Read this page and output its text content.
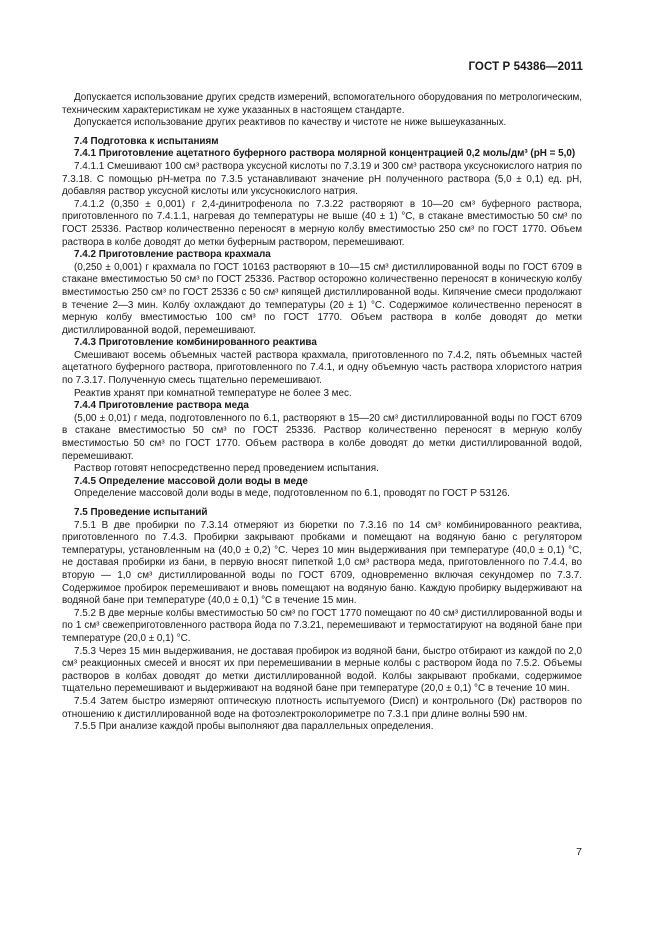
ГОСТ Р 54386—2011

Допускается использование других средств измерений, вспомогательного оборудования по метрологическим, техническим характеристикам не хуже указанных в настоящем стандарте.

Допускается использование других реактивов по качеству и чистоте не ниже вышеуказанных.

7.4 Подготовка к испытаниям

7.4.1 Приготовление ацетатного буферного раствора молярной концентрацией 0,2 моль/дм³ (pH = 5,0)

7.4.1.1 Смешивают 100 см³ раствора уксусной кислоты по 7.3.19 и 300 см³ раствора уксуснокислого натрия по 7.3.18. С помощью pH-метра по 7.3.5 устанавливают значение pH полученного раствора (5,0 ± 0,1) ед. pH, добавляя раствор уксусной кислоты или уксуснокислого натрия.

7.4.1.2 (0,350 ± 0,001) г 2,4-динитрофенола по 7.3.22 растворяют в 10—20 см³ буферного раствора, приготовленного по 7.4.1.1, нагревая до температуры не выше (40 ± 1) °С, в стакане вместимостью 50 см³ по ГОСТ 25336. Раствор количественно переносят в мерную колбу вместимостью 250 см³ по ГОСТ 1770. Объем раствора в колбе доводят до метки буферным раствором, перемешивают.

7.4.2 Приготовление раствора крахмала

(0,250 ± 0,001) г крахмала по ГОСТ 10163 растворяют в 10—15 см³ дистиллированной воды по ГОСТ 6709 в стакане вместимостью 50 см³ по ГОСТ 25336. Раствор осторожно количественно переносят в коническую колбу вместимостью 250 см³ по ГОСТ 25336 с 50 см³ кипящей дистиллированной воды. Кипячение смеси продолжают в течение 2—3 мин. Колбу охлаждают до температуры (20 ± 1) °С. Содержимое количественно переносят в мерную колбу вместимостью 100 см³ по ГОСТ 1770. Объем раствора в колбе доводят до метки дистиллированной водой, перемешивают.

7.4.3 Приготовление комбинированного реактива

Смешивают восемь объемных частей раствора крахмала, приготовленного по 7.4.2, пять объемных частей ацетатного буферного раствора, приготовленного по 7.4.1, и одну объемную часть раствора хлористого натрия по 7.3.17. Полученную смесь тщательно перемешивают.

Реактив хранят при комнатной температуре не более 3 мес.

7.4.4 Приготовление раствора меда

(5,00 ± 0,01) г меда, подготовленного по 6.1, растворяют в 15—20 см³ дистиллированной воды по ГОСТ 6709 в стакане вместимостью 50 см³ по ГОСТ 25336. Раствор количественно переносят в мерную колбу вместимостью 50 см³ по ГОСТ 1770. Объем раствора в колбе доводят до метки дистиллированной водой, перемешивают.

Раствор готовят непосредственно перед проведением испытания.

7.4.5 Определение массовой доли воды в меде

Определение массовой доли воды в меде, подготовленном по 6.1, проводят по ГОСТ Р 53126.

7.5 Проведение испытаний

7.5.1 В две пробирки по 7.3.14 отмеряют из бюретки по 7.3.16 по 14 см³ комбинированного реактива, приготовленного по 7.4.3. Пробирки закрывают пробками и помещают на водяную баню с регулятором температуры, установленным на (40,0 ± 0,2) °С. Через 10 мин выдерживания при температуре (40,0 ± 0,1) °С, не доставая пробирки из бани, в первую вносят пипеткой 1,0 см³ раствора меда, приготовленного по 7.4.4, во вторую — 1,0 см³ дистиллированной воды по ГОСТ 6709, одновременно включая секундомер по 7.3.7. Содержимое пробирок перемешивают и вновь помещают на водяную баню. Каждую пробирку выдерживают на водяной бане при температуре (40,0 ± 0,1) °С в течение 15 мин.

7.5.2 В две мерные колбы вместимостью 50 см³ по ГОСТ 1770 помещают по 40 см³ дистиллированной воды и по 1 см³ свежеприготовленного раствора йода по 7.3.21, перемешивают и термостатируют на водяной бане при температуре (20,0 ± 0,1) °С.

7.5.3 Через 15 мин выдерживания, не доставая пробирок из водяной бани, быстро отбирают из каждой по 2,0 см³ реакционных смесей и вносят их при перемешивании в мерные колбы с раствором йода по 7.5.2. Объемы растворов в колбах доводят до метки дистиллированной водой. Колбы закрывают пробками, содержимое тщательно перемешивают и выдерживают на водяной бане при температуре (20,0 ± 0,1) °С в течение 10 мин.

7.5.4 Затем быстро измеряют оптическую плотность испытуемого (Dисп) и контрольного (Dк) растворов по отношению к дистиллированной воде на фотоэлектроколориметре по 7.3.1 при длине волны 590 нм.

7.5.5 При анализе каждой пробы выполняют два параллельных определения.

7
